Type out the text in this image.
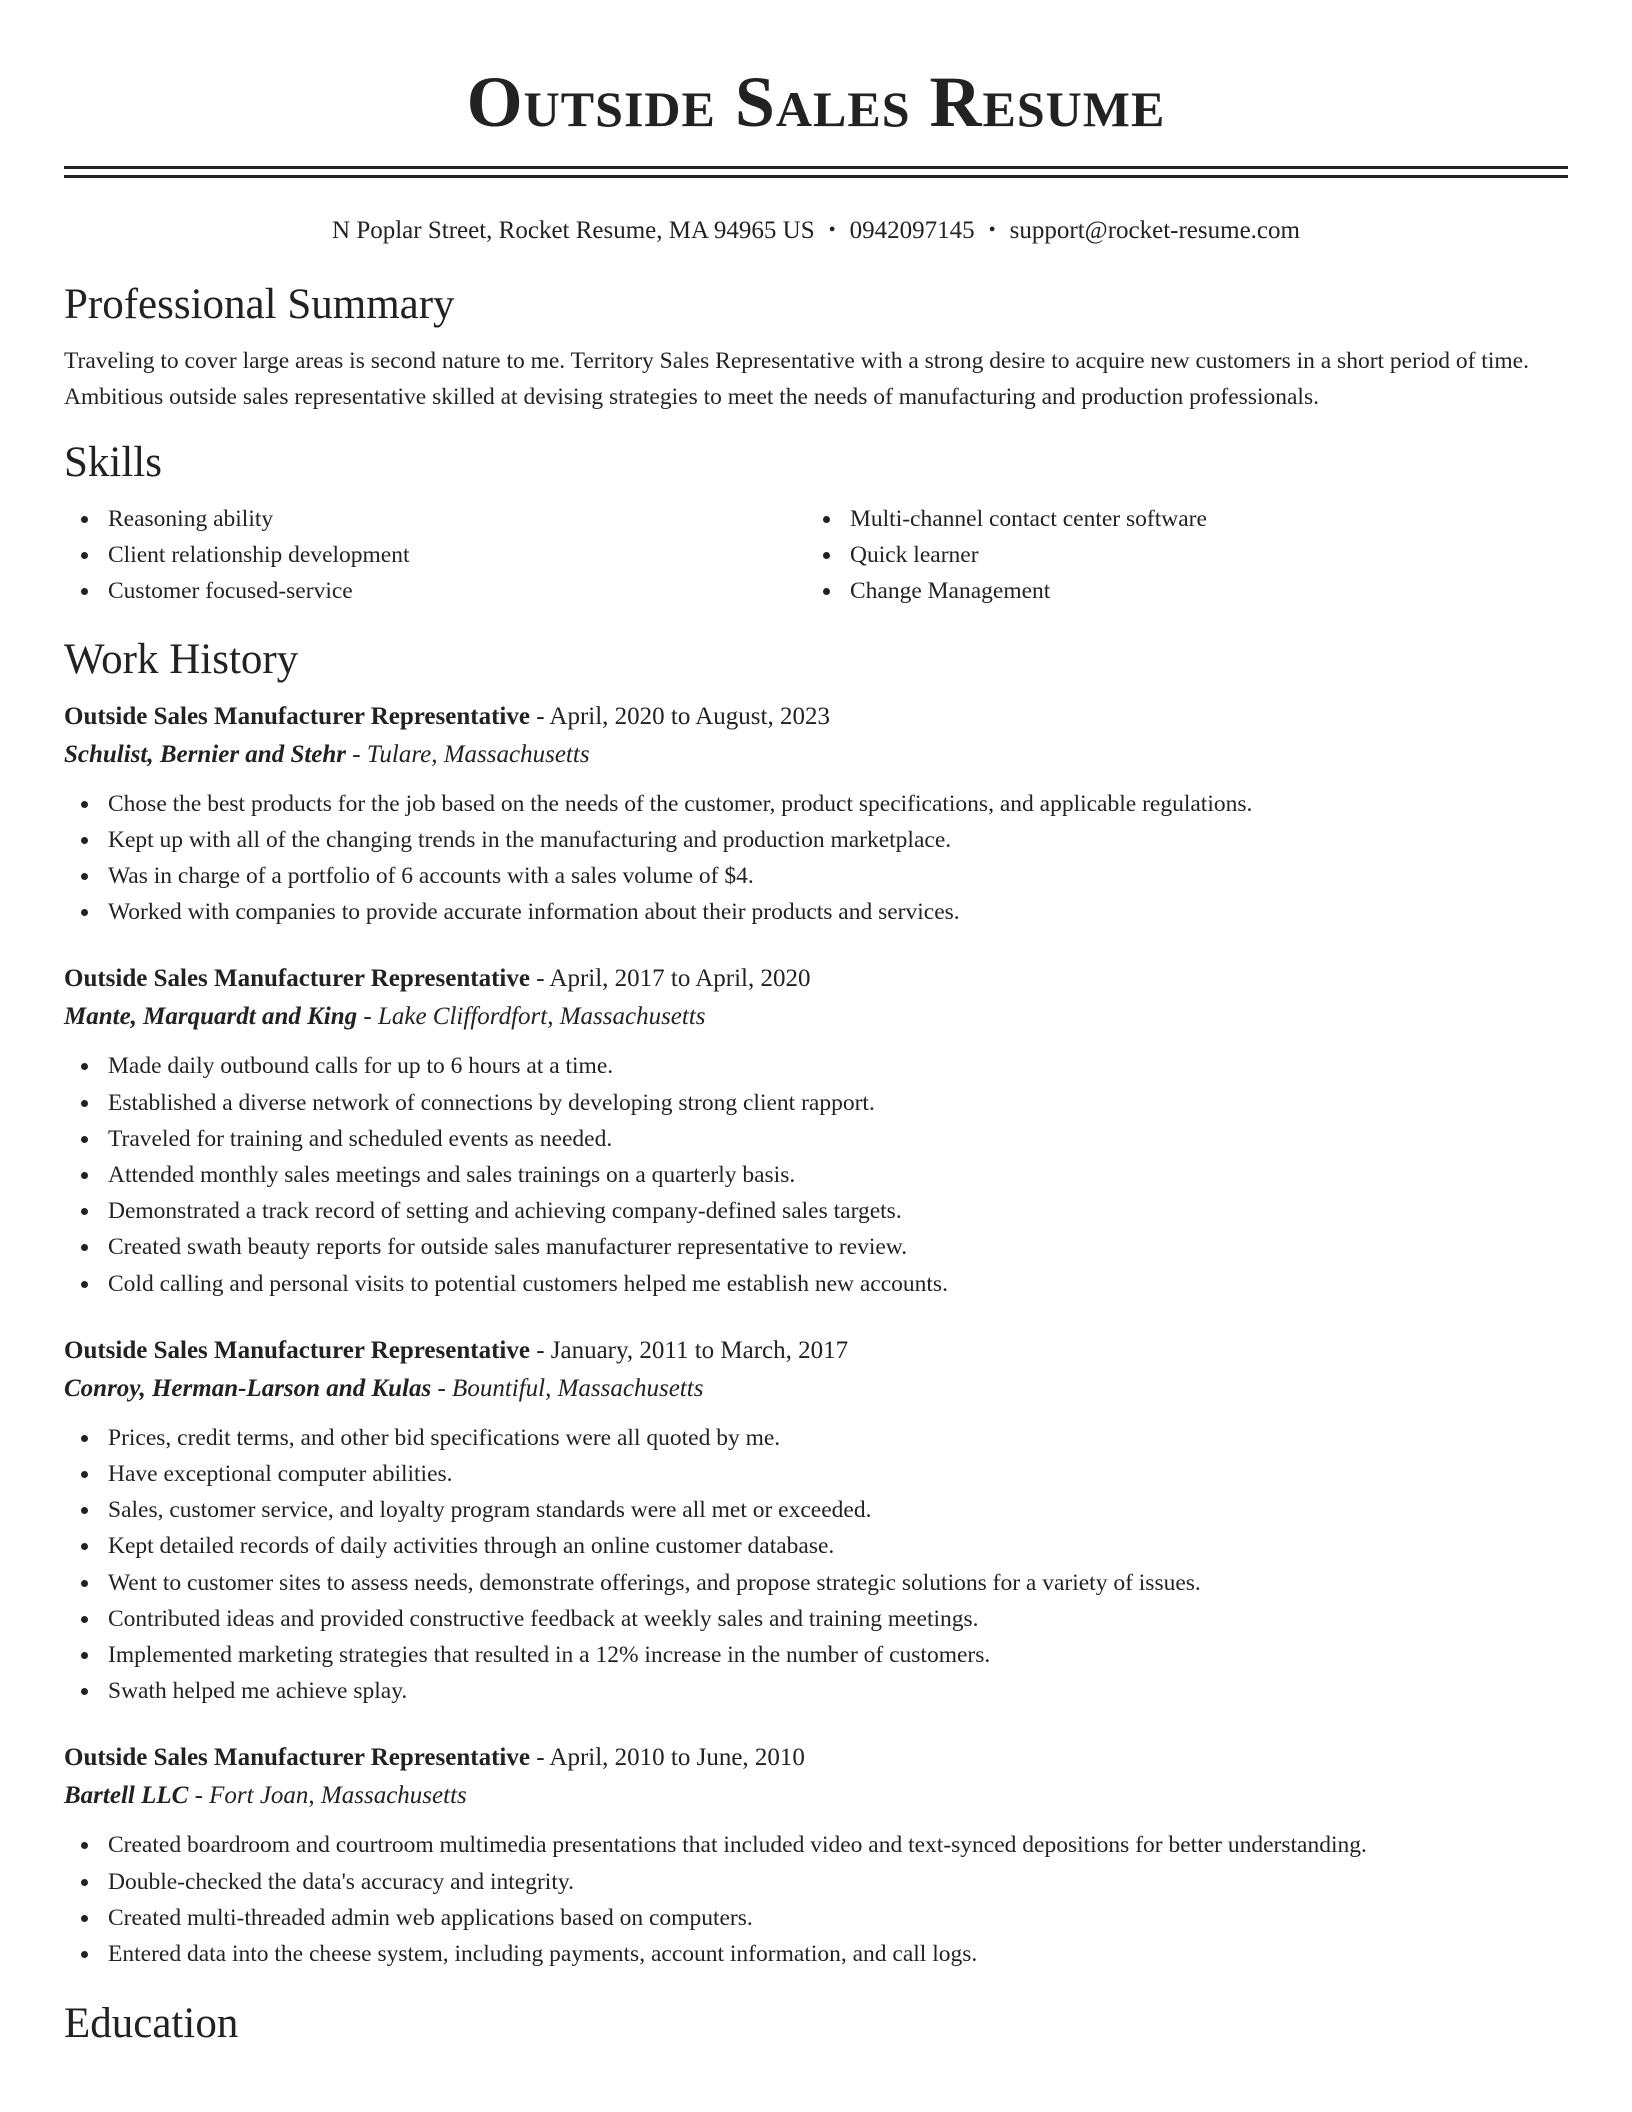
Outside Sales Resume
N Poplar Street, Rocket Resume, MA 94965 US • 0942097145 • support@rocket-resume.com
Professional Summary

Traveling to cover large areas is second nature to me. Territory Sales Representative with a strong desire to acquire new customers in a short period of time. Ambitious outside sales representative skilled at devising strategies to meet the needs of manufacturing and production professionals.

Skills
Reasoning ability
Client relationship development
Customer focused-service
Multi-channel contact center software
Quick learner
Change Management
Work History
Outside Sales Manufacturer Representative - April, 2020 to August, 2023
Schulist, Bernier and Stehr - Tulare, Massachusetts
Chose the best products for the job based on the needs of the customer, product specifications, and applicable regulations.
Kept up with all of the changing trends in the manufacturing and production marketplace.
Was in charge of a portfolio of 6 accounts with a sales volume of $4.
Worked with companies to provide accurate information about their products and services.
Outside Sales Manufacturer Representative - April, 2017 to April, 2020
Mante, Marquardt and King - Lake Cliffordfort, Massachusetts
Made daily outbound calls for up to 6 hours at a time.
Established a diverse network of connections by developing strong client rapport.
Traveled for training and scheduled events as needed.
Attended monthly sales meetings and sales trainings on a quarterly basis.
Demonstrated a track record of setting and achieving company-defined sales targets.
Created swath beauty reports for outside sales manufacturer representative to review.
Cold calling and personal visits to potential customers helped me establish new accounts.
Outside Sales Manufacturer Representative - January, 2011 to March, 2017
Conroy, Herman-Larson and Kulas - Bountiful, Massachusetts
Prices, credit terms, and other bid specifications were all quoted by me.
Have exceptional computer abilities.
Sales, customer service, and loyalty program standards were all met or exceeded.
Kept detailed records of daily activities through an online customer database.
Went to customer sites to assess needs, demonstrate offerings, and propose strategic solutions for a variety of issues.
Contributed ideas and provided constructive feedback at weekly sales and training meetings.
Implemented marketing strategies that resulted in a 12% increase in the number of customers.
Swath helped me achieve splay.
Outside Sales Manufacturer Representative - April, 2010 to June, 2010
Bartell LLC - Fort Joan, Massachusetts
Created boardroom and courtroom multimedia presentations that included video and text-synced depositions for better understanding.
Double-checked the data's accuracy and integrity.
Created multi-threaded admin web applications based on computers.
Entered data into the cheese system, including payments, account information, and call logs.
Education
